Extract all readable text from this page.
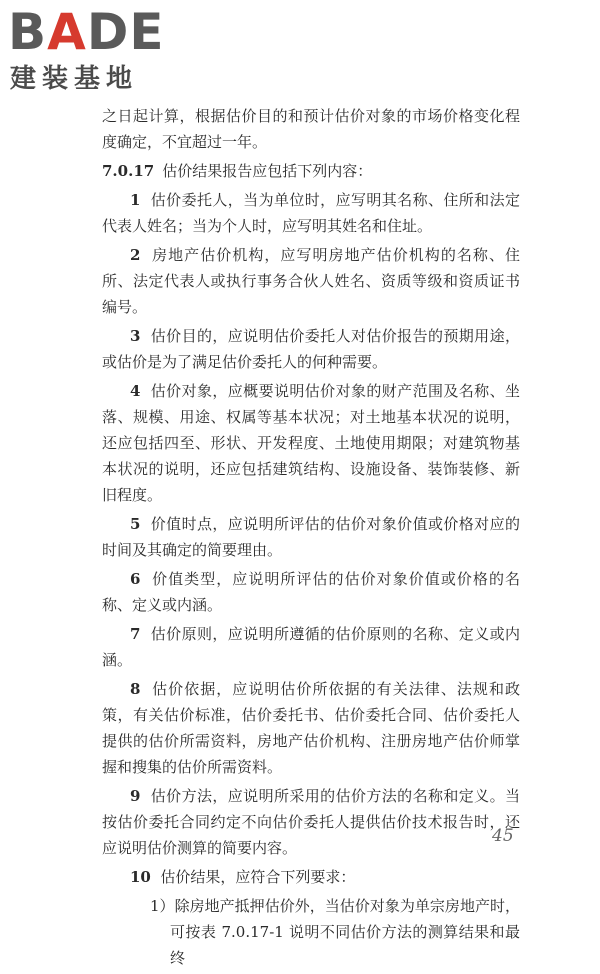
BADE
建装基地

之日起计算，根据估价目的和预计估价对象的市场价格变化程度确定，不宜超过一年。

7.0.17 估价结果报告应包括下列内容：

1 估价委托人，当为单位时，应写明其名称、住所和法定代表人姓名；当为个人时，应写明其姓名和住址。

2 房地产估价机构，应写明房地产估价机构的名称、住所、法定代表人或执行事务合伙人姓名、资质等级和资质证书编号。

3 估价目的，应说明估价委托人对估价报告的预期用途，或估价是为了满足估价委托人的何种需要。

4 估价对象，应概要说明估价对象的财产范围及名称、坐落、规模、用途、权属等基本状况；对土地基本状况的说明，还应包括四至、形状、开发程度、土地使用期限；对建筑物基本状况的说明，还应包括建筑结构、设施设备、装饰装修、新旧程度。

5 价值时点，应说明所评估的估价对象价值或价格对应的时间及其确定的简要理由。

6 价值类型，应说明所评估的估价对象价值或价格的名称、定义或内涵。

7 估价原则，应说明所遵循的估价原则的名称、定义或内涵。

8 估价依据，应说明估价所依据的有关法律、法规和政策，有关估价标准，估价委托书、估价委托合同、估价委托人提供的估价所需资料，房地产估价机构、注册房地产估价师掌握和搜集的估价所需资料。

9 估价方法，应说明所采用的估价方法的名称和定义。当按估价委托合同约定不向估价委托人提供估价技术报告时，还应说明估价测算的简要内容。

10 估价结果，应符合下列要求：

1）除房地产抵押估价外，当估价对象为单宗房地产时，可按表 7.0.17-1 说明不同估价方法的测算结果和最终

45
